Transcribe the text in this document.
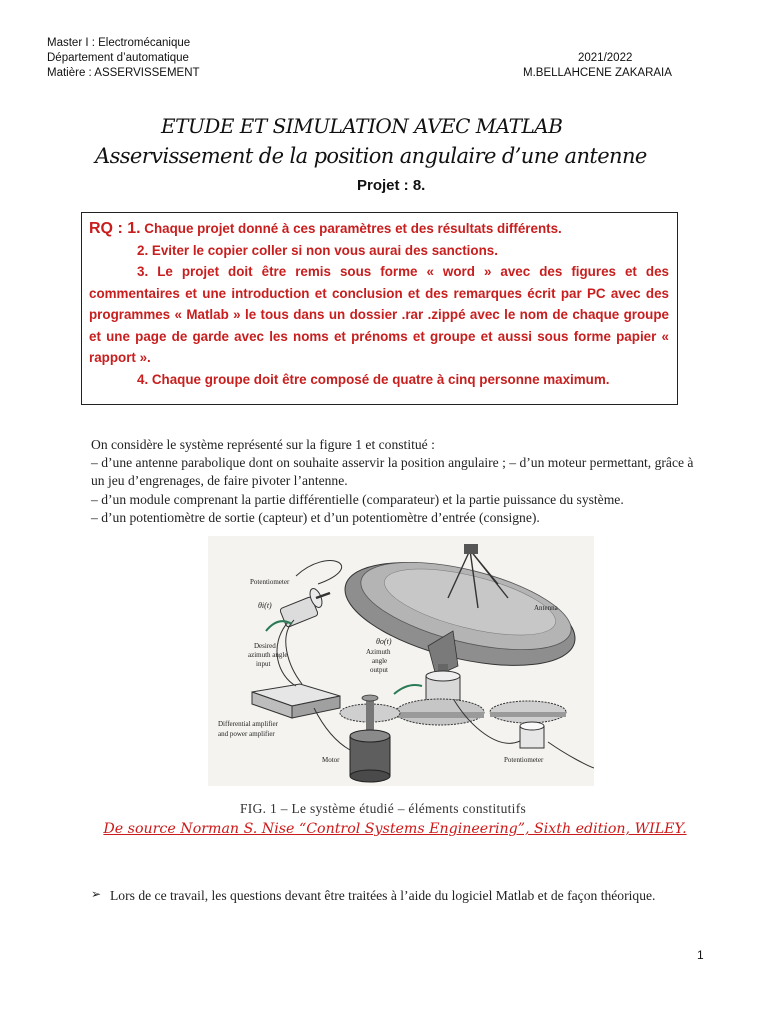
Master I : Electromécanique
Département d’automatique
Matière : ASSERVISSEMENT
2021/2022
M.BELLAHCENE ZAKARAIA
ETUDE ET SIMULATION AVEC MATLAB
Asservissement de la position angulaire d’une antenne
Projet : 8.

RQ : 1. Chaque projet donné à ces paramètres et des résultats différents.

2. Eviter le copier coller si non vous aurai des sanctions.

3. Le projet doit être remis sous forme « word » avec des figures et des commentaires et une introduction et conclusion et des remarques écrit par PC avec des programmes « Matlab » le tous dans un dossier .rar .zippé avec le nom de chaque groupe et une page de garde avec les noms et prénoms et groupe et aussi sous forme papier « rapport ».

4. Chaque groupe doit être composé de quatre à cinq personne maximum.

On considère le système représenté sur la figure 1 et constitué :
– d’une antenne parabolique dont on souhaite asservir la position angulaire ; – d’un moteur permettant, grâce à un jeu d’engrenages, de faire pivoter l’antenne.
– d’un module comprenant la partie différentielle (comparateur) et la partie puissance du système.
– d’un potentiomètre de sortie (capteur) et d’un potentiomètre d’entrée (consigne).
Potentiometer
θi(t)
Desired
azimuth angle
input
θo(t)
Azimuth
angle
output
Antenna
Differential amplifier
and power amplifier
Motor	Potentiometer
FIG. 1 – Le système étudié – éléments constitutifs
De source Norman S. Nise “Control Systems Engineering”, Sixth edition, WILEY.
➢ Lors de ce travail, les questions devant être traitées à l’aide du logiciel Matlab et de façon théorique.
1
